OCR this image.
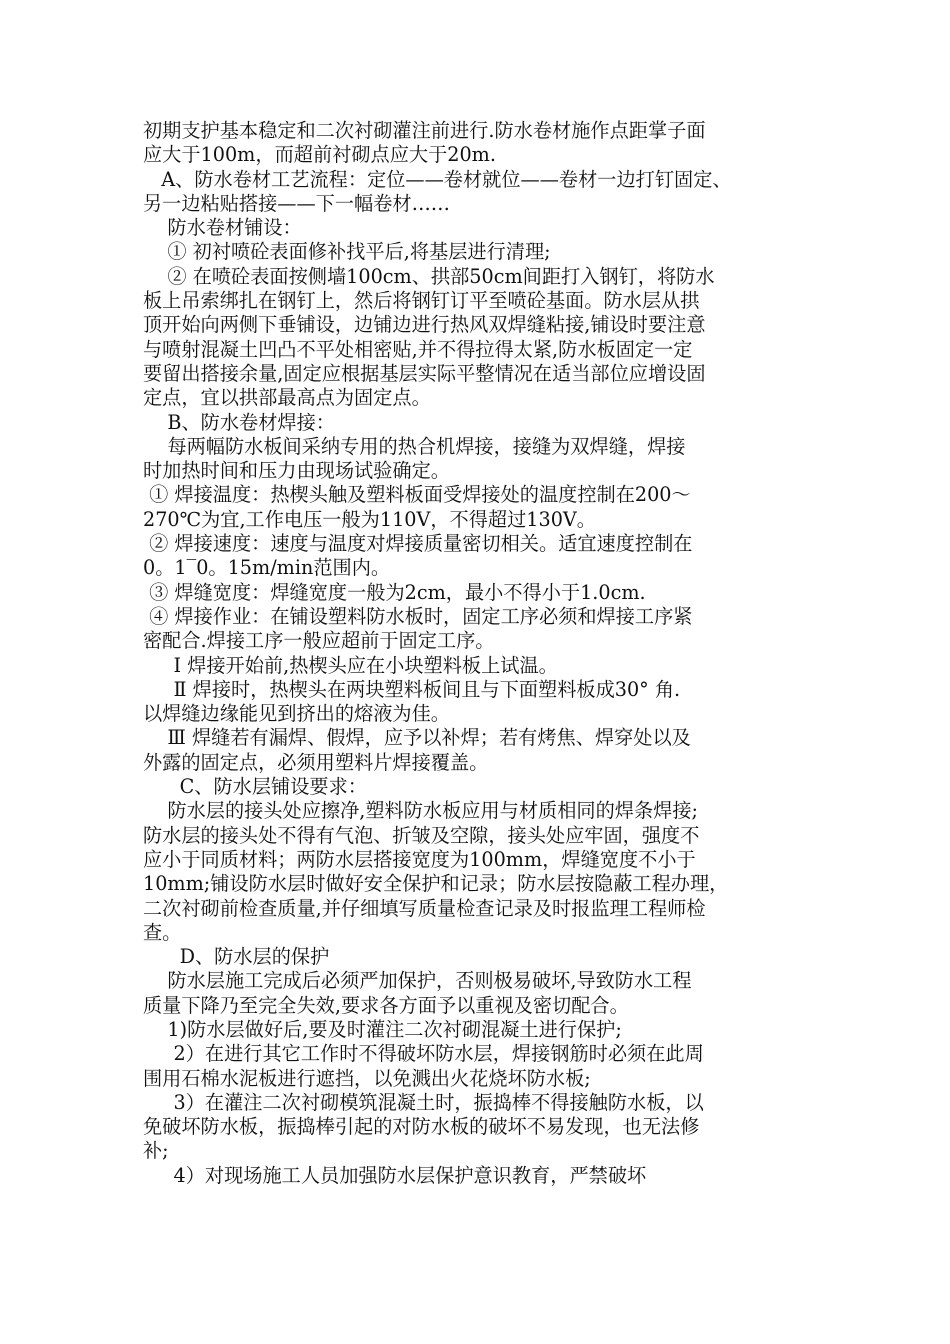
初期支护基本稳定和二次衬砌灌注前进行.防水卷材施作点距掌子面
应大于100m，而超前衬砌点应大于20m.
A、防水卷材工艺流程：定位——卷材就位——卷材一边打钉固定、
另一边粘贴搭接——下一幅卷材……
防水卷材铺设：
① 初衬喷砼表面修补找平后,将基层进行清理;
② 在喷砼表面按侧墙100cm、拱部50cm间距打入钢钉，将防水
板上吊索绑扎在钢钉上，然后将钢钉订平至喷砼基面。防水层从拱
顶开始向两侧下垂铺设，边铺边进行热风双焊缝粘接,铺设时要注意
与喷射混凝土凹凸不平处相密贴,并不得拉得太紧,防水板固定一定
要留出搭接余量,固定应根据基层实际平整情况在适当部位应增设固
定点，宜以拱部最高点为固定点。
B、防水卷材焊接：
每两幅防水板间采纳专用的热合机焊接，接缝为双焊缝，焊接
时加热时间和压力由现场试验确定。
① 焊接温度：热楔头触及塑料板面受焊接处的温度控制在200～
270℃为宜,工作电压一般为110V，不得超过130V。
② 焊接速度：速度与温度对焊接质量密切相关。适宜速度控制在
0。1‾0。15m/min范围内。
③ 焊缝宽度：焊缝宽度一般为2cm，最小不得小于1.0cm.
④ 焊接作业：在铺设塑料防水板时，固定工序必须和焊接工序紧
密配合.焊接工序一般应超前于固定工序。
Ⅰ 焊接开始前,热楔头应在小块塑料板上试温。
Ⅱ 焊接时，热楔头在两块塑料板间且与下面塑料板成30° 角.
以焊缝边缘能见到挤出的熔液为佳。
Ⅲ 焊缝若有漏焊、假焊，应予以补焊；若有烤焦、焊穿处以及
外露的固定点，必须用塑料片焊接覆盖。
C、防水层铺设要求：
防水层的接头处应擦净,塑料防水板应用与材质相同的焊条焊接;
防水层的接头处不得有气泡、折皱及空隙，接头处应牢固，强度不
应小于同质材料；两防水层搭接宽度为100mm，焊缝宽度不小于
10mm;铺设防水层时做好安全保护和记录；防水层按隐蔽工程办理，
二次衬砌前检查质量,并仔细填写质量检查记录及时报监理工程师检
查。
D、防水层的保护
防水层施工完成后必须严加保护，否则极易破坏,导致防水工程
质量下降乃至完全失效,要求各方面予以重视及密切配合。
1)防水层做好后,要及时灌注二次衬砌混凝土进行保护;
2）在进行其它工作时不得破坏防水层，焊接钢筋时必须在此周
围用石棉水泥板进行遮挡，以免溅出火花烧坏防水板;
3）在灌注二次衬砌模筑混凝土时，振捣棒不得接触防水板，以
免破坏防水板，振捣棒引起的对防水板的破坏不易发现，也无法修
补;
4）对现场施工人员加强防水层保护意识教育，严禁破坏
